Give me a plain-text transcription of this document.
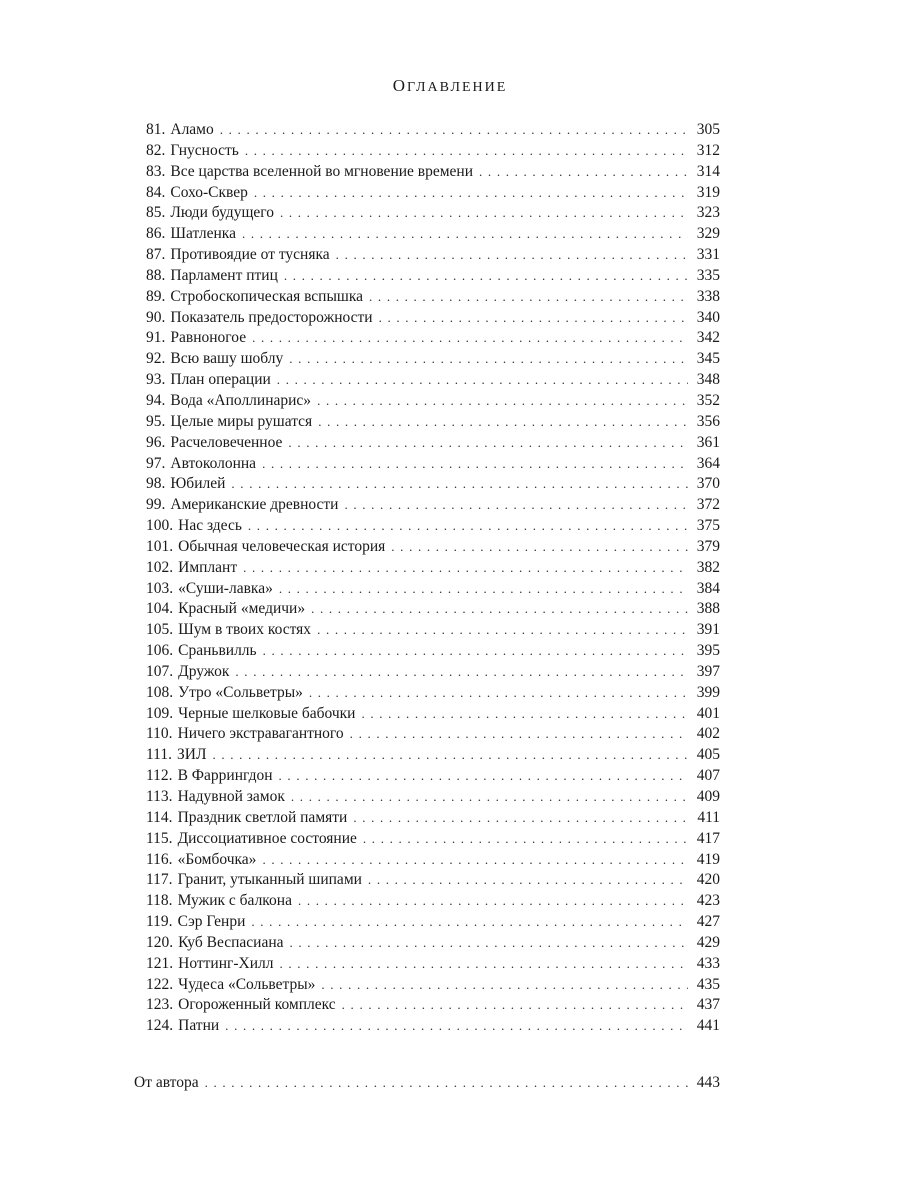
ОГЛАВЛЕНИЕ
81. Аламо . . .	305
82. Гнусность . . .	312
83. Все царства вселенной во мгновение времени . . .	314
84. Сохо-Сквер . . .	319
85. Люди будущего . . .	323
86. Шатленка . . .	329
87. Противоядие от тусняка . . .	331
88. Парламент птиц . . .	335
89. Стробоскопическая вспышка . . .	338
90. Показатель предосторожности . . .	340
91. Равноногое . . .	342
92. Всю вашу шоблу . . .	345
93. План операции . . .	348
94. Вода «Аполлинарис» . . .	352
95. Целые миры рушатся . . .	356
96. Расчеловеченное . . .	361
97. Автоколонна . . .	364
98. Юбилей . . .	370
99. Американские древности . . .	372
100. Нас здесь . . .	375
101. Обычная человеческая история . . .	379
102. Имплант . . .	382
103. «Суши-лавка» . . .	384
104. Красный «медичи» . . .	388
105. Шум в твоих костях . . .	391
106. Сраньвилль . . .	395
107. Дружок . . .	397
108. Утро «Сольветры» . . .	399
109. Черные шелковые бабочки . . .	401
110. Ничего экстравагантного . . .	402
111. ЗИЛ . . .	405
112. В Фаррингдон . . .	407
113. Надувной замок . . .	409
114. Праздник светлой памяти . . .	411
115. Диссоциативное состояние . . .	417
116. «Бомбочка» . . .	419
117. Гранит, утыканный шипами . . .	420
118. Мужик с балкона . . .	423
119. Сэр Генри . . .	427
120. Куб Веспасиана . . .	429
121. Ноттинг-Хилл . . .	433
122. Чудеса «Сольветры» . . .	435
123. Огороженный комплекс . . .	437
124. Патни . . .	441
От автора . . .	443
